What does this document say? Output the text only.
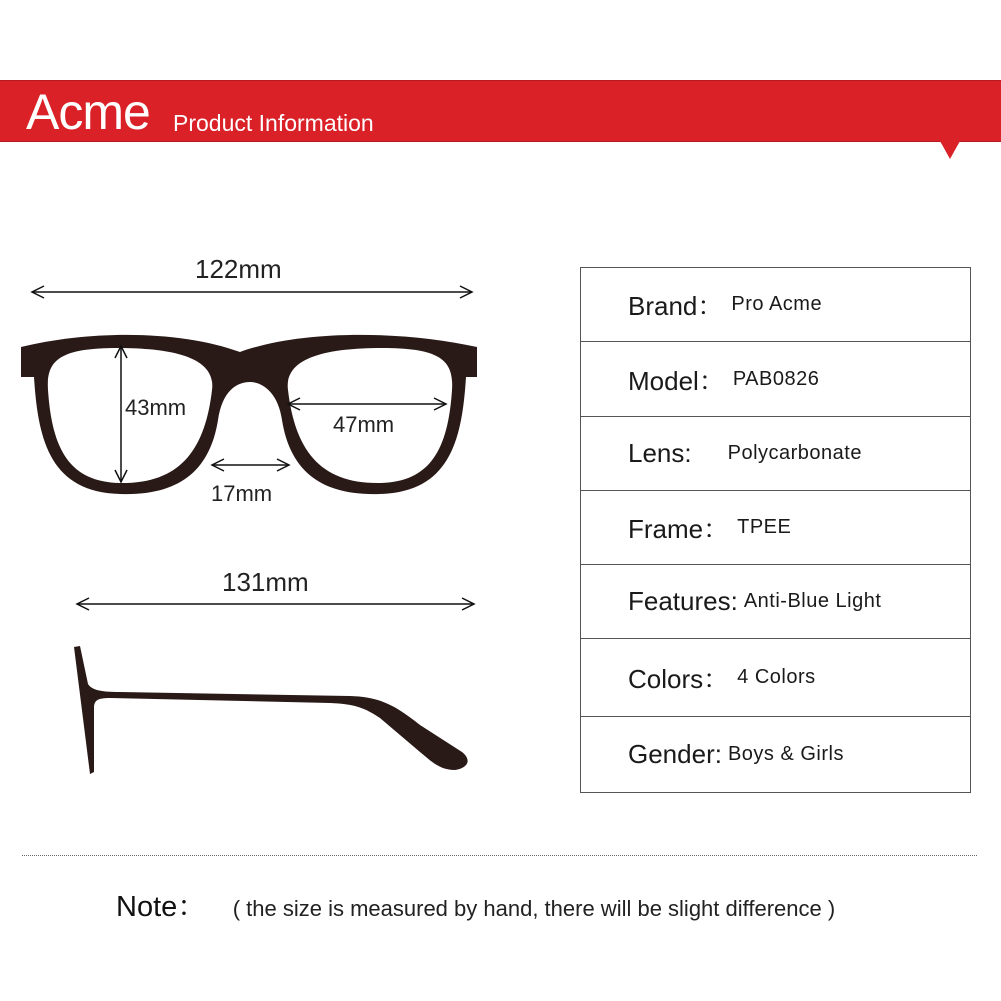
Acme Product Information
122mm
43mm
47mm
17mm
131mm
Brand： Pro Acme
Model： PAB0826
Lens: Polycarbonate
Frame： TPEE
Features: Anti-Blue Light
Colors： 4 Colors
Gender: Boys & Girls
Note： ( the size is measured by hand, there will be slight difference )
